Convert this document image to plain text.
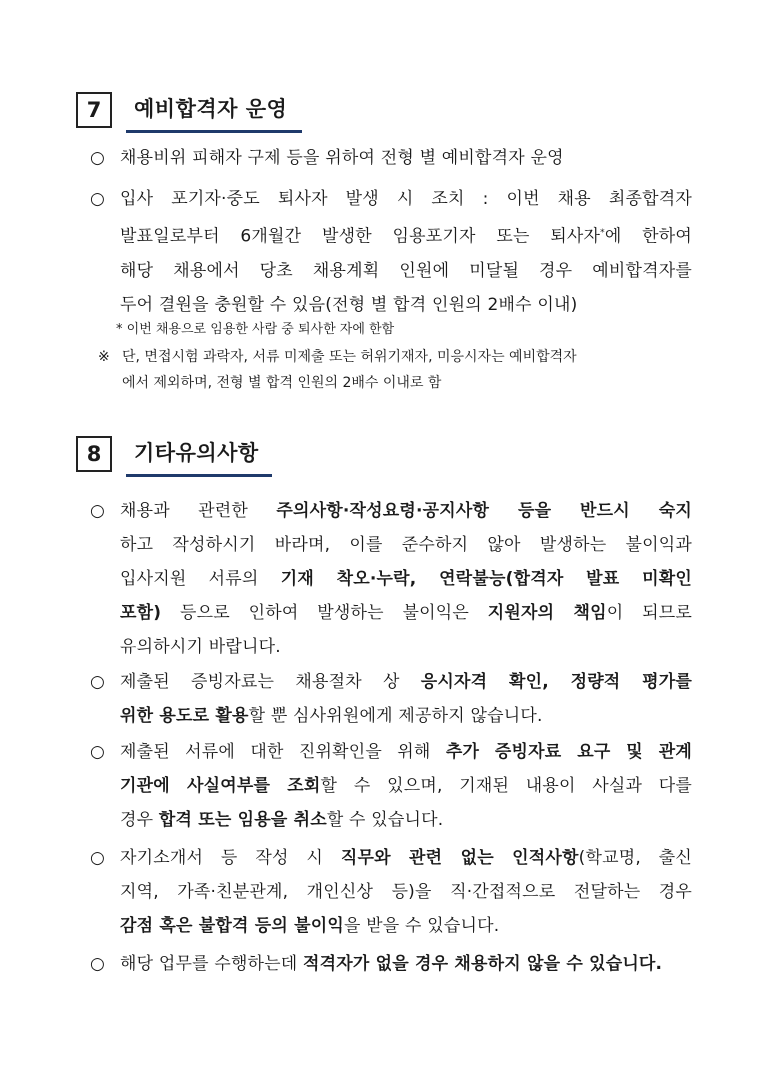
7	예비합격자 운영
○ 채용비위 피해자 구제 등을 위하여 전형 별 예비합격자 운영
○ 입사 포기자·중도 퇴사자 발생 시 조치 : 이번 채용 최종합격자
발표일로부터 6개월간 발생한 임용포기자 또는 퇴사자*에 한하여
해당 채용에서 당초 채용계획 인원에 미달될 경우 예비합격자를
두어 결원을 충원할 수 있음(전형 별 합격 인원의 2배수 이내)
* 이번 채용으로 임용한 사람 중 퇴사한 자에 한함
※ 단, 면접시험 과락자, 서류 미제출 또는 허위기재자, 미응시자는 예비합격자
에서 제외하며, 전형 별 합격 인원의 2배수 이내로 함
8	기타유의사항
○ 채용과 관련한 주의사항·작성요령·공지사항 등을 반드시 숙지
하고 작성하시기 바라며, 이를 준수하지 않아 발생하는 불이익과
입사지원 서류의 기재 착오·누락, 연락불능(합격자 발표 미확인
포함) 등으로 인하여 발생하는 불이익은 지원자의 책임이 되므로
유의하시기 바랍니다.
○ 제출된 증빙자료는 채용절차 상 응시자격 확인, 정량적 평가를
위한 용도로 활용할 뿐 심사위원에게 제공하지 않습니다.
○ 제출된 서류에 대한 진위확인을 위해 추가 증빙자료 요구 및 관계
기관에 사실여부를 조회할 수 있으며, 기재된 내용이 사실과 다를
경우 합격 또는 임용을 취소할 수 있습니다.
○ 자기소개서 등 작성 시 직무와 관련 없는 인적사항(학교명, 출신
지역, 가족·친분관계, 개인신상 등)을 직·간접적으로 전달하는 경우
감점 혹은 불합격 등의 불이익을 받을 수 있습니다.
○ 해당 업무를 수행하는데 적격자가 없을 경우 채용하지 않을 수 있습니다.
